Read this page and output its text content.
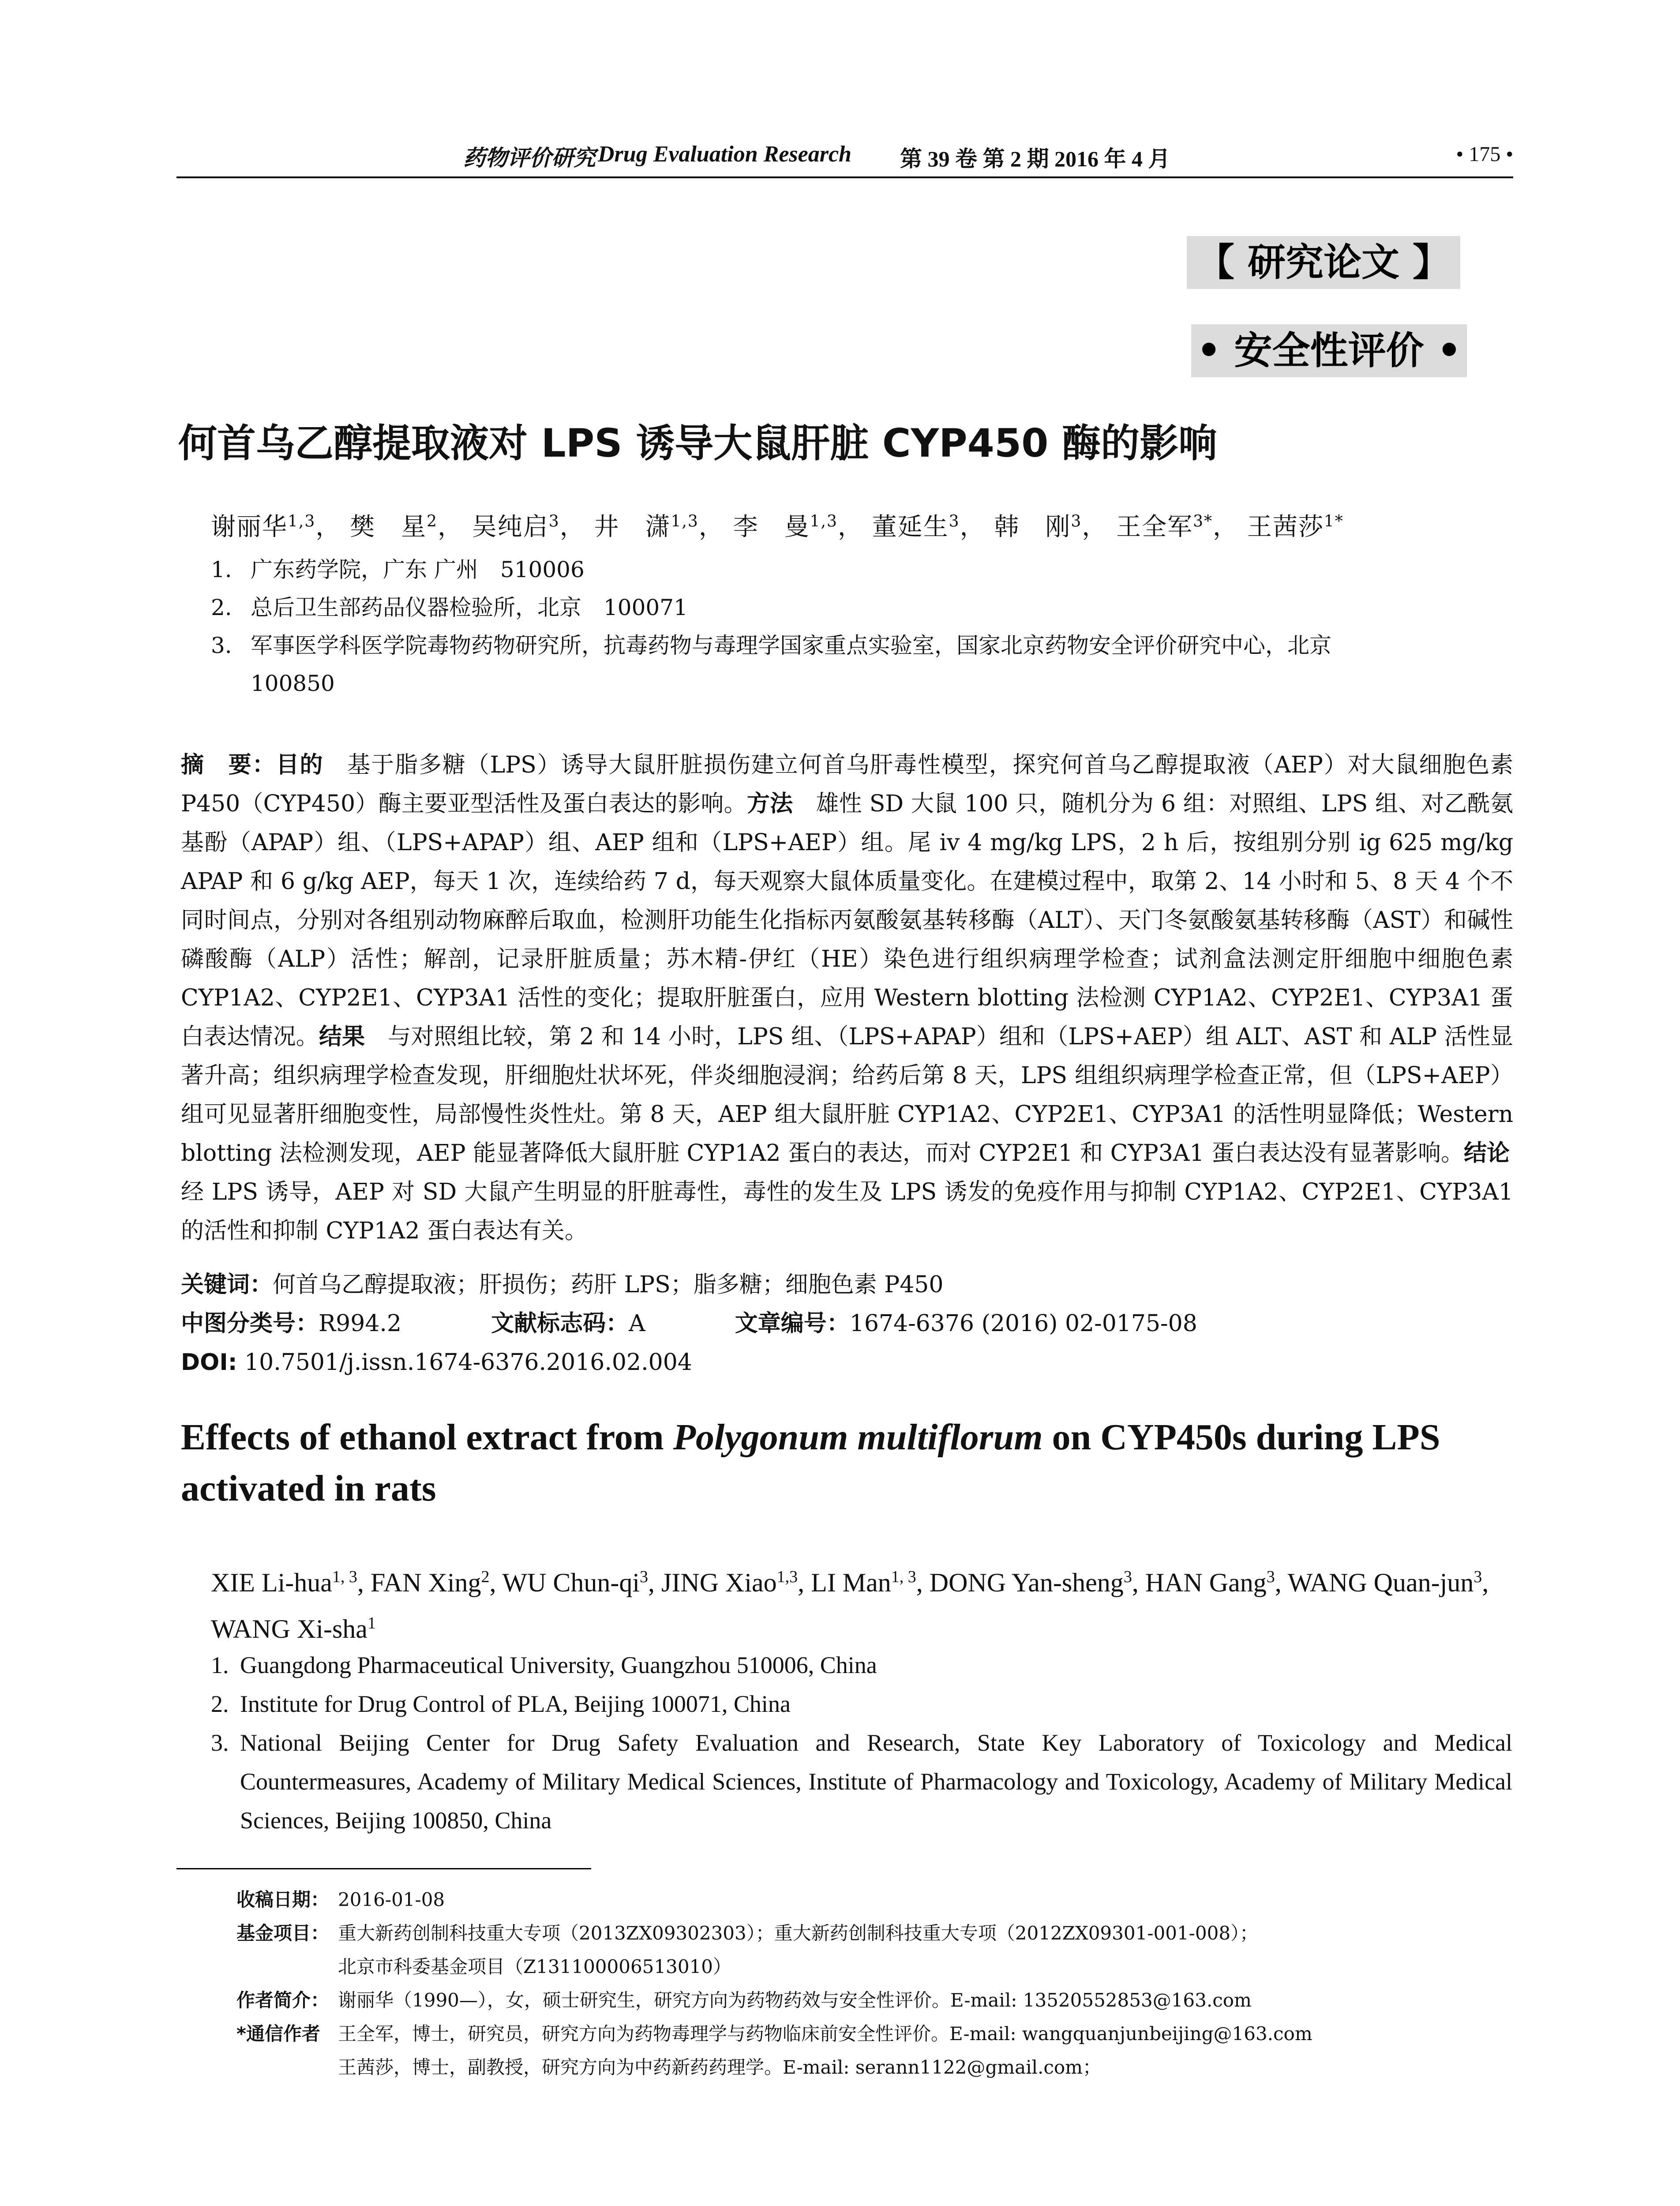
药物评价研究 Drug Evaluation Research 第 39 卷 第 2 期 2016 年 4 月	• 175 •
【 研究论文 】
• 安全性评价 •
何首乌乙醇提取液对 LPS 诱导大鼠肝脏 CYP450 酶的影响
谢丽华$^{1,3}$， 樊　星$^2$， 吴纯启$^3$， 井　潇$^{1,3}$， 李　曼$^{1,3}$， 董延生$^3$， 韩　刚$^3$， 王全军$^{3*}$， 王茜莎$^{1*}$
1. 广东药学院，广东 广州　510006
2. 总后卫生部药品仪器检验所，北京　100071
3. 军事医学科医学院毒物药物研究所，抗毒药物与毒理学国家重点实验室，国家北京药物安全评价研究中心，北京
100850
摘　要：目的　基于脂多糖（LPS）诱导大鼠肝脏损伤建立何首乌肝毒性模型，探究何首乌乙醇提取液（AEP）对大鼠细胞色素 P450（CYP450）酶主要亚型活性及蛋白表达的影响。方法　雄性 SD 大鼠 100 只，随机分为 6 组：对照组、LPS 组、对乙酰氨基酚（APAP）组、（LPS+APAP）组、AEP 组和（LPS+AEP）组。尾 iv 4 mg/kg LPS，2 h 后，按组别分别 ig 625 mg/kg APAP 和 6 g/kg AEP，每天 1 次，连续给药 7 d，每天观察大鼠体质量变化。在建模过程中，取第 2、14 小时和 5、8 天 4 个不同时间点，分别对各组别动物麻醉后取血，检测肝功能生化指标丙氨酸氨基转移酶（ALT）、天门冬氨酸氨基转移酶（AST）和碱性磷酸酶（ALP）活性；解剖，记录肝脏质量；苏木精-伊红（HE）染色进行组织病理学检查；试剂盒法测定肝细胞中细胞色素 CYP1A2、CYP2E1、CYP3A1 活性的变化；提取肝脏蛋白，应用 Western blotting 法检测 CYP1A2、CYP2E1、CYP3A1 蛋白表达情况。结果　与对照组比较，第 2 和 14 小时，LPS 组、（LPS+APAP）组和（LPS+AEP）组 ALT、AST 和 ALP 活性显著升高；组织病理学检查发现，肝细胞灶状坏死，伴炎细胞浸润；给药后第 8 天，LPS 组组织病理学检查正常，但（LPS+AEP）组可见显著肝细胞变性，局部慢性炎性灶。第 8 天，AEP 组大鼠肝脏 CYP1A2、CYP2E1、CYP3A1 的活性明显降低；Western blotting 法检测发现，AEP 能显著降低大鼠肝脏 CYP1A2 蛋白的表达，而对 CYP2E1 和 CYP3A1 蛋白表达没有显著影响。结论　经 LPS 诱导，AEP 对 SD 大鼠产生明显的肝脏毒性，毒性的发生及 LPS 诱发的免疫作用与抑制 CYP1A2、CYP2E1、CYP3A1 的活性和抑制 CYP1A2 蛋白表达有关。
关键词：何首乌乙醇提取液；肝损伤；药肝 LPS；脂多糖；细胞色素 P450
中图分类号：R994.2	文献标志码：A	文章编号：1674-6376 (2016) 02-0175-08
DOI: 10.7501/j.issn.1674-6376.2016.02.004
Effects of ethanol extract from Polygonum multiflorum on CYP450s during LPS activated in rats
XIE Li-hua$^{1, 3}$, FAN Xing$^2$, WU Chun-$qi^3$, JING Xiao$^{1,3}$, LI Man$^{1, 3}$, DONG Yan-sheng$^3$, HAN Gang$^3$, WANG Quan-jun$^3$, WANG Xi-sha$^1$
1. Guangdong Pharmaceutical University, Guangzhou 510006, China
2. Institute for Drug Control of PLA, Beijing 100071, China
3. National Beijing Center for Drug Safety Evaluation and Research, State Key Laboratory of Toxicology and Medical Countermeasures, Academy of Military Medical Sciences, Institute of Pharmacology and Toxicology, Academy of Military Medical Sciences, Beijing 100850, China
收稿日期： 2016-01-08
基金项目： 重大新药创制科技重大专项（2013ZX09302303）；重大新药创制科技重大专项（2012ZX09301-001-008）；
北京市科委基金项目（Z131100006513010）
作者简介： 谢丽华（1990—），女，硕士研究生，研究方向为药物药效与安全性评价。E-mail: 13520552853@163.com
*通信作者 王全军，博士，研究员，研究方向为药物毒理学与药物临床前安全性评价。E-mail: wangquanjunbeijing@163.com
王茜莎，博士，副教授，研究方向为中药新药药理学。E-mail: serann1122@gmail.com；
